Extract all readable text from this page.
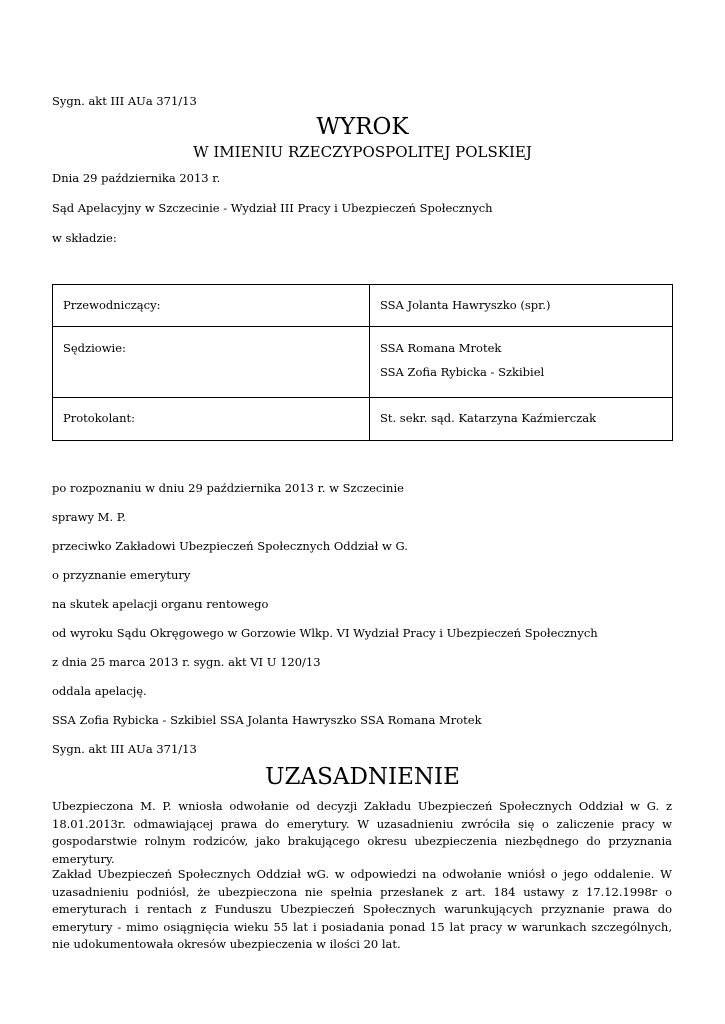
Sygn. akt III AUa 371/13
WYROK
W IMIENIU RZECZYPOSPOLITEJ POLSKIEJ
Dnia 29 października 2013 r.
Sąd Apelacyjny w Szczecinie - Wydział III Pracy i Ubezpieczeń Społecznych
w składzie:
Przewodniczący:	SSA Jolanta Hawryszko (spr.)

Sędziowie:	SSA Romana Mrotek
SSA Zofia Rybicka - Szkibiel

Protokolant:	St. sekr. sąd. Katarzyna Kaźmierczak
po rozpoznaniu w dniu 29 października 2013 r. w Szczecinie
sprawy M. P.
przeciwko Zakładowi Ubezpieczeń Społecznych Oddział w G.
o przyznanie emerytury
na skutek apelacji organu rentowego
od wyroku Sądu Okręgowego w Gorzowie Wlkp. VI Wydział Pracy i Ubezpieczeń Społecznych
z dnia 25 marca 2013 r. sygn. akt VI U 120/13
oddala apelację.
SSA Zofia Rybicka - Szkibiel SSA Jolanta Hawryszko SSA Romana Mrotek
Sygn. akt III AUa 371/13
UZASADNIENIE
Ubezpieczona M. P. wniosła odwołanie od decyzji Zakładu Ubezpieczeń Społecznych Oddział w G. z 18.01.2013r. odmawiającej prawa do emerytury. W uzasadnieniu zwróciła się o zaliczenie pracy w gospodarstwie rolnym rodziców, jako brakującego okresu ubezpieczenia niezbędnego do przyznania emerytury.
Zakład Ubezpieczeń Społecznych Oddział wG. w odpowiedzi na odwołanie wniósł o jego oddalenie. W uzasadnieniu podniósł, że ubezpieczona nie spełnia przesłanek z art. 184 ustawy z 17.12.1998r o emeryturach i rentach z Funduszu Ubezpieczeń Społecznych warunkujących przyznanie prawa do emerytury - mimo osiągnięcia wieku 55 lat i posiadania ponad 15 lat pracy w warunkach szczególnych, nie udokumentowała okresów ubezpieczenia w ilości 20 lat.
